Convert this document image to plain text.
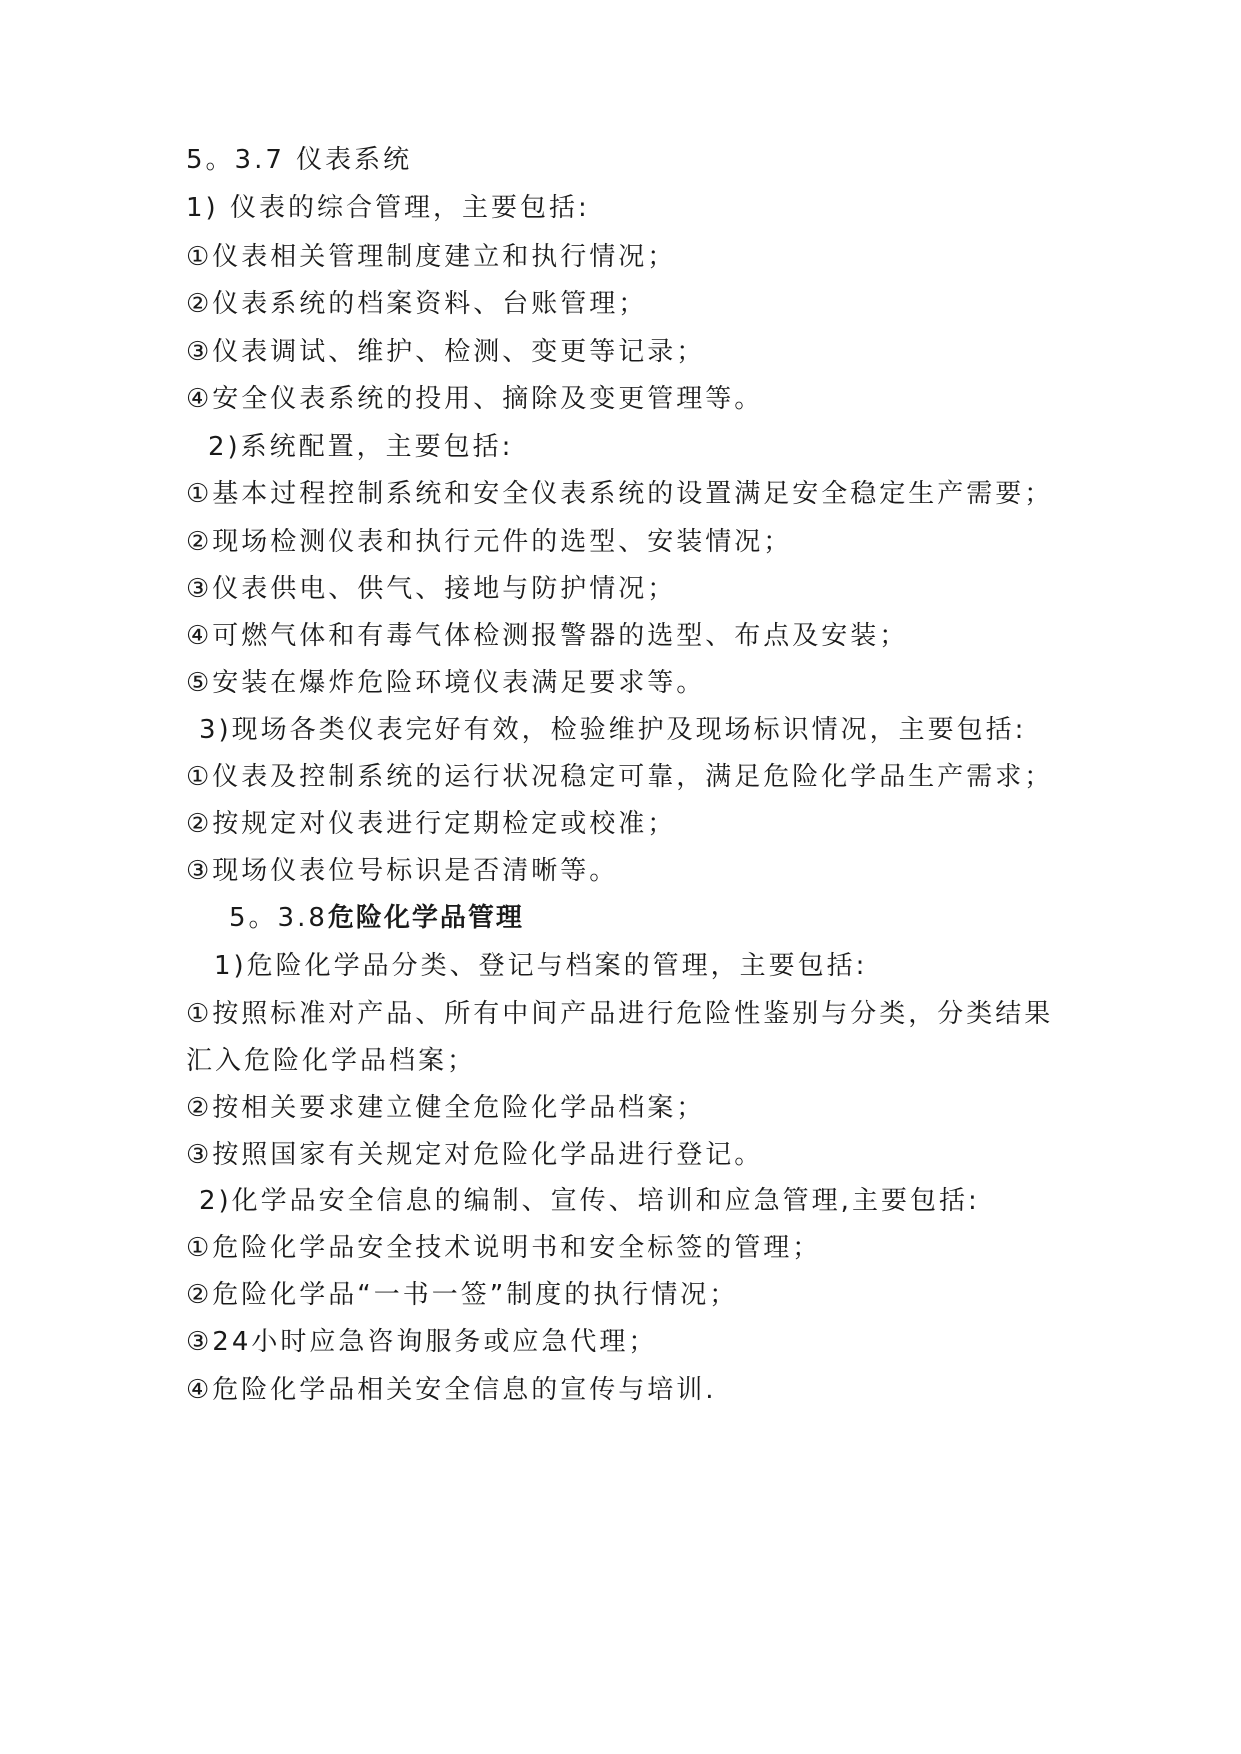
5。3.7 仪表系统
1) 仪表的综合管理，主要包括:
①仪表相关管理制度建立和执行情况；
②仪表系统的档案资料、台账管理；
③仪表调试、维护、检测、变更等记录；
④安全仪表系统的投用、摘除及变更管理等。
2)系统配置，主要包括:
①基本过程控制系统和安全仪表系统的设置满足安全稳定生产需要；
②现场检测仪表和执行元件的选型、安装情况；
③仪表供电、供气、接地与防护情况；
④可燃气体和有毒气体检测报警器的选型、布点及安装；
⑤安装在爆炸危险环境仪表满足要求等。
3)现场各类仪表完好有效，检验维护及现场标识情况，主要包括:
①仪表及控制系统的运行状况稳定可靠，满足危险化学品生产需求；
②按规定对仪表进行定期检定或校准；
③现场仪表位号标识是否清晰等。
5。3.8危险化学品管理
1)危险化学品分类、登记与档案的管理，主要包括:
①按照标准对产品、所有中间产品进行危险性鉴别与分类，分类结果
汇入危险化学品档案；
②按相关要求建立健全危险化学品档案；
③按照国家有关规定对危险化学品进行登记。
2)化学品安全信息的编制、宣传、培训和应急管理,主要包括:
①危险化学品安全技术说明书和安全标签的管理；
②危险化学品“一书一签”制度的执行情况；
③24小时应急咨询服务或应急代理；
④危险化学品相关安全信息的宣传与培训.
